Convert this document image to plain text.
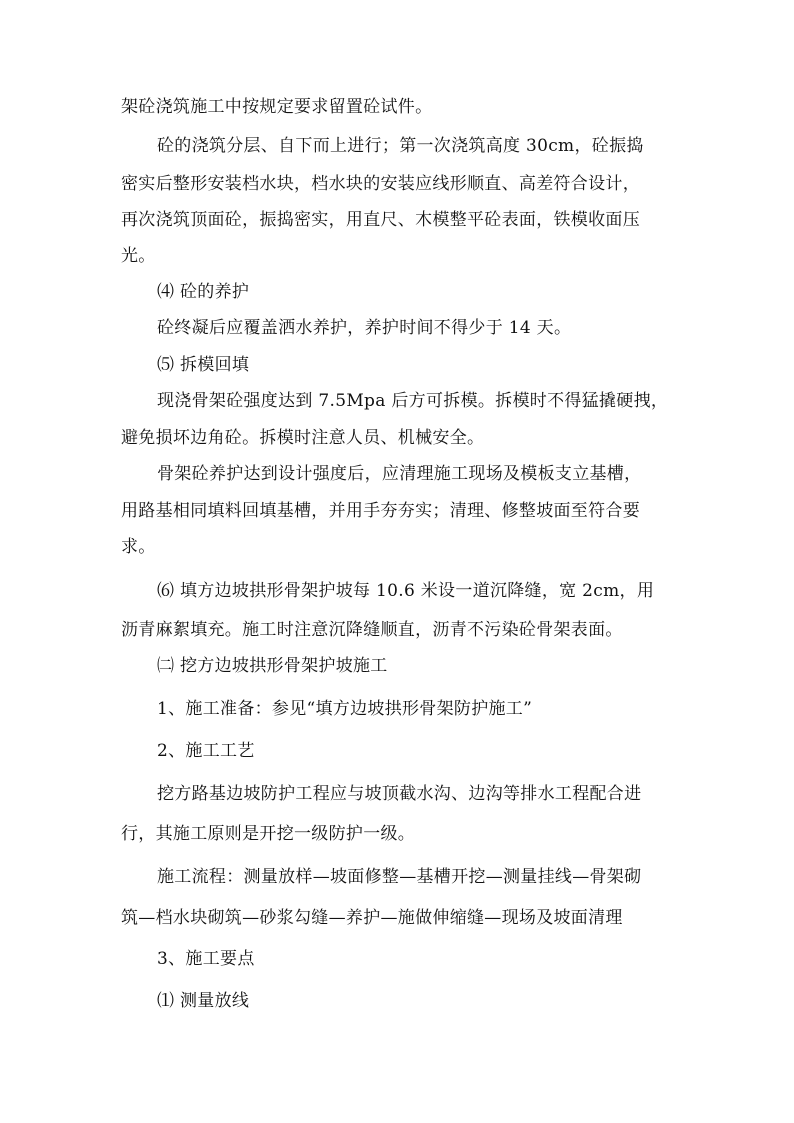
架砼浇筑施工中按规定要求留置砼试件。
砼的浇筑分层、自下而上进行；第一次浇筑高度 30cm，砼振捣
密实后整形安装档水块，档水块的安装应线形顺直、高差符合设计，
再次浇筑顶面砼，振捣密实，用直尺、木模整平砼表面，铁模收面压
光。
⑷ 砼的养护
砼终凝后应覆盖洒水养护，养护时间不得少于 14 天。
⑸ 拆模回填
现浇骨架砼强度达到 7.5Mpa 后方可拆模。拆模时不得猛撬硬拽，
避免损坏边角砼。拆模时注意人员、机械安全。
骨架砼养护达到设计强度后，应清理施工现场及模板支立基槽，
用路基相同填料回填基槽，并用手夯夯实；清理、修整坡面至符合要
求。
⑹ 填方边坡拱形骨架护坡每 10.6 米设一道沉降缝，宽 2cm，用
沥青麻絮填充。施工时注意沉降缝顺直，沥青不污染砼骨架表面。
㈡ 挖方边坡拱形骨架护坡施工
1、施工准备：参见“填方边坡拱形骨架防护施工”
2、施工工艺
挖方路基边坡防护工程应与坡顶截水沟、边沟等排水工程配合进
行，其施工原则是开挖一级防护一级。
施工流程：测量放样—坡面修整—基槽开挖—测量挂线—骨架砌
筑—档水块砌筑—砂浆勾缝—养护—施做伸缩缝—现场及坡面清理
3、施工要点
⑴ 测量放线
